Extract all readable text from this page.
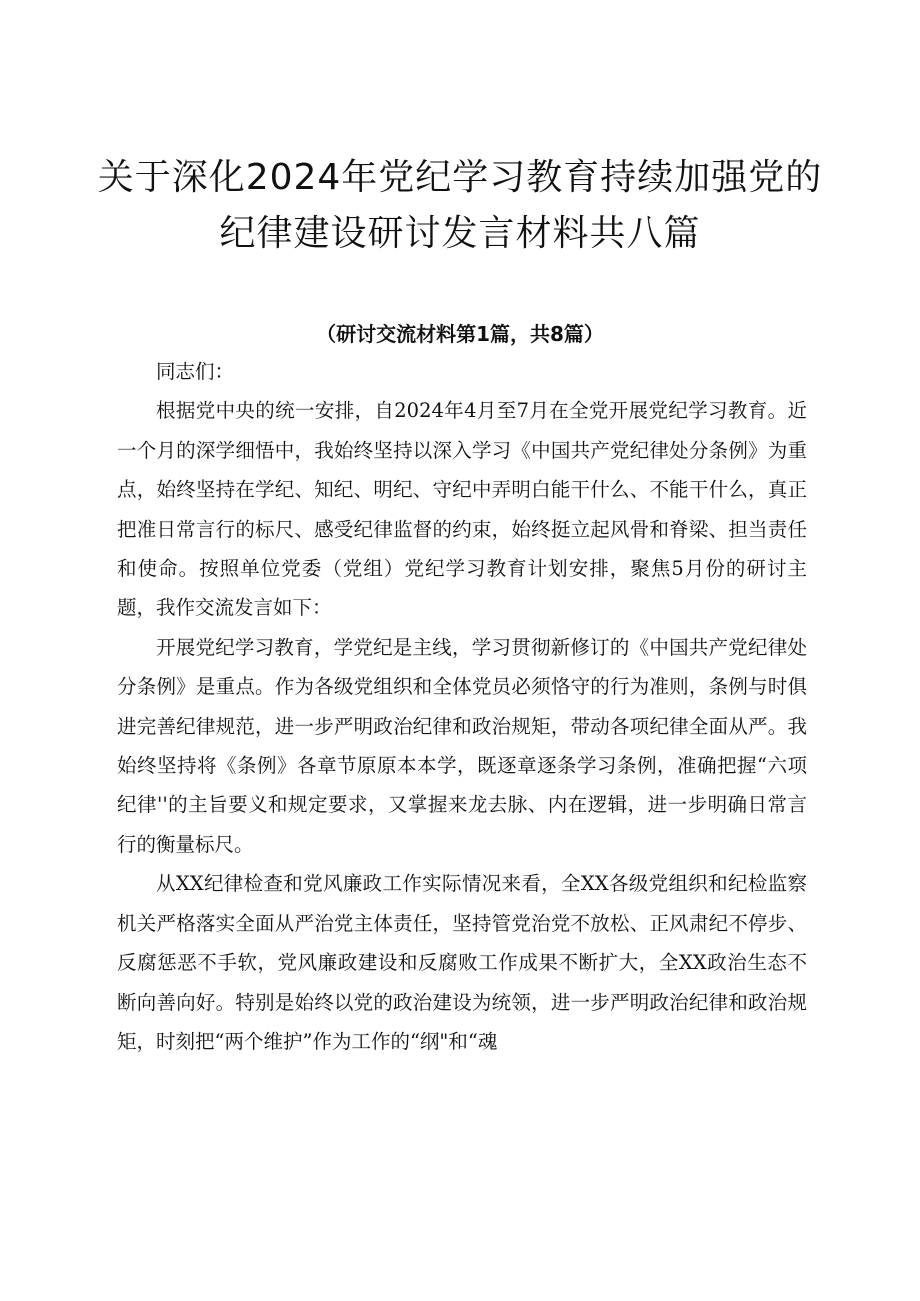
关于深化2024年党纪学习教育持续加强党的
纪律建设研讨发言材料共八篇
（研讨交流材料第1篇，共8篇）

同志们：

根据党中央的统一安排，自2024年4月至7月在全党开展党纪学习教育。近一个月的深学细悟中，我始终坚持以深入学习《中国共产党纪律处分条例》为重点，始终坚持在学纪、知纪、明纪、守纪中弄明白能干什么、不能干什么，真正把准日常言行的标尺、感受纪律监督的约束，始终挺立起风骨和脊梁、担当责任和使命。按照单位党委（党组）党纪学习教育计划安排，聚焦5月份的研讨主题，我作交流发言如下：

开展党纪学习教育，学党纪是主线，学习贯彻新修订的《中国共产党纪律处分条例》是重点。作为各级党组织和全体党员必须恪守的行为准则，条例与时俱进完善纪律规范，进一步严明政治纪律和政治规矩，带动各项纪律全面从严。我始终坚持将《条例》各章节原原本本学，既逐章逐条学习条例，准确把握“六项纪律''的主旨要义和规定要求，又掌握来龙去脉、内在逻辑，进一步明确日常言行的衡量标尺。

从XX纪律检查和党风廉政工作实际情况来看，全XX各级党组织和纪检监察机关严格落实全面从严治党主体责任，坚持管党治党不放松、正风肃纪不停步、反腐惩恶不手软，党风廉政建设和反腐败工作成果不断扩大，全XX政治生态不断向善向好。特别是始终以党的政治建设为统领，进一步严明政治纪律和政治规矩，时刻把“两个维护”作为工作的“纲"和“魂
